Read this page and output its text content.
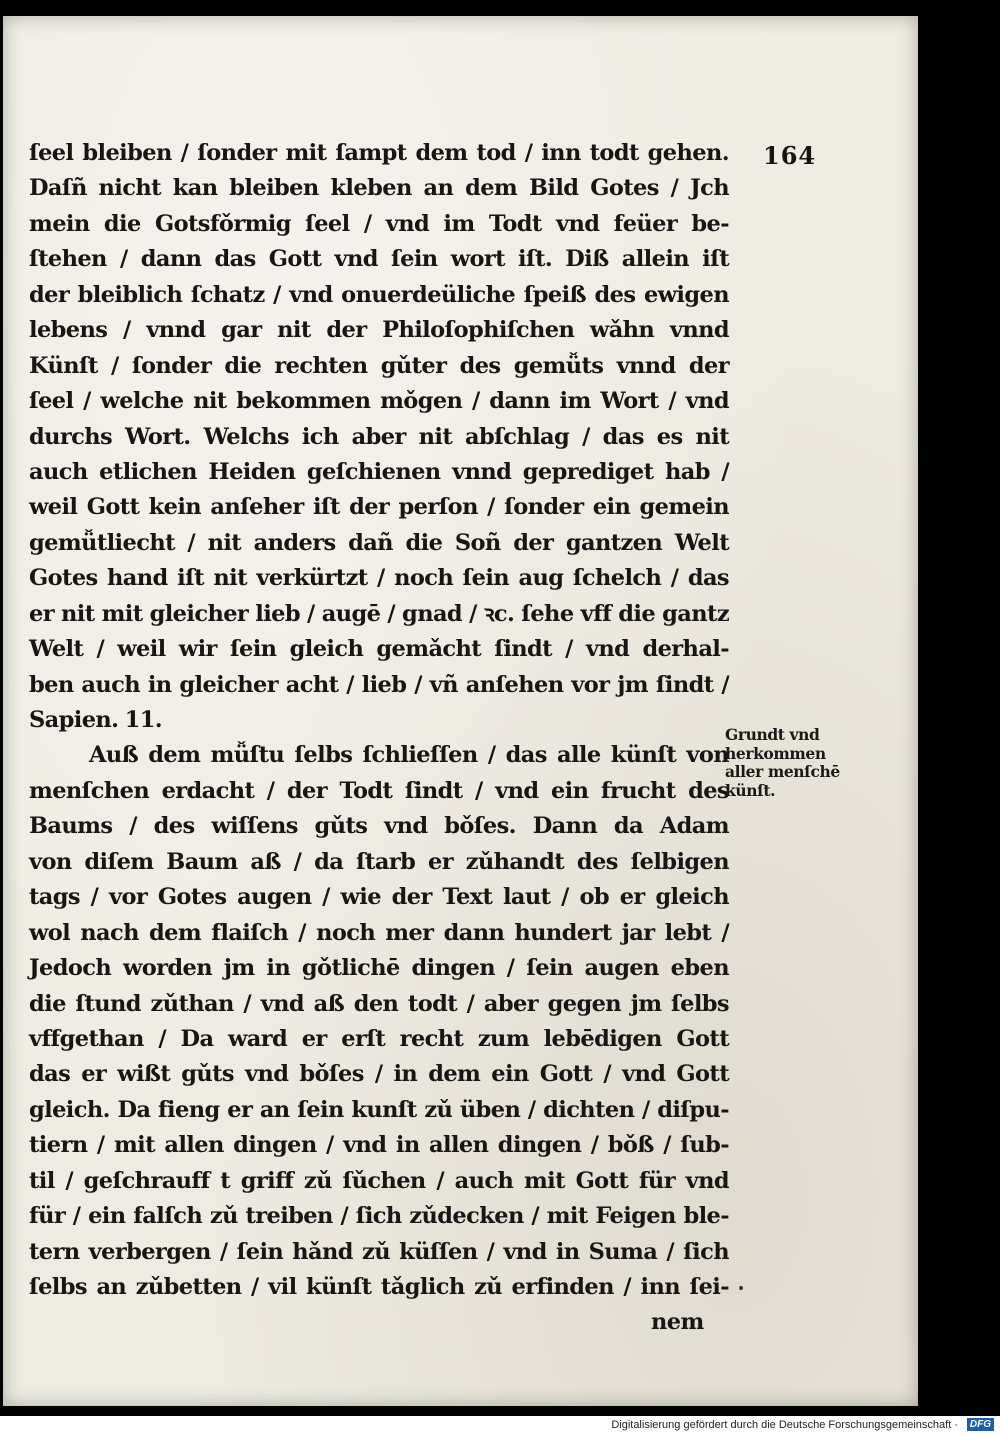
164
ſeel bleiben / ſonder mit ſampt dem tod / inn todt gehen.
Daſñ nicht kan bleiben kleben an dem Bild Gotes / Jch
mein die Gotsfǒrmig ſeel / vnd im Todt vnd feüer be-
ſtehen / dann das Gott vnd ſein wort iſt. Diß allein iſt
der bleiblich ſchatz / vnd onuerdeüliche ſpeiß des ewigen
lebens / vnnd gar nit der Philoſophiſchen wǎhn vnnd
Künſt / ſonder die rechten gǔter des gemǚts vnnd der
ſeel / welche nit bekommen mǒgen / dann im Wort / vnd
durchs Wort. Welchs ich aber nit abſchlag / das es nit
auch etlichen Heiden geſchienen vnnd geprediget hab /
weil Gott kein anſeher iſt der perſon / ſonder ein gemein
gemǚtliecht / nit anders dañ die Soñ der gantzen Welt
Gotes hand iſt nit verkürtzt / noch ſein aug ſchelch / das
er nit mit gleicher lieb / augē / gnad / ꝛc. ſehe vff die gantz
Welt / weil wir ſein gleich gemǎcht ſindt / vnd derhal-
ben auch in gleicher acht / lieb / vñ anſehen vor jm ſindt /
Sapien. 11.
Auß dem mǚſtu ſelbs ſchlieſſen / das alle künſt von
menſchen erdacht / der Todt ſindt / vnd ein frucht des
Baums / des wiſſens gǔts vnd bǒſes. Dann da Adam
von diſem Baum aß / da ſtarb er zǔhandt des ſelbigen
tags / vor Gotes augen / wie der Text laut / ob er gleich
wol nach dem flaiſch / noch mer dann hundert jar lebt /
Jedoch worden jm in gǒtlichē dingen / ſein augen eben
die ſtund zǔthan / vnd aß den todt / aber gegen jm ſelbs
vffgethan / Da ward er erſt recht zum lebēdigen Gott
das er wißt gǔts vnd bǒſes / in dem ein Gott / vnd Gott
gleich. Da fieng er an ſein kunſt zǔ üben / dichten / diſpu-
tiern / mit allen dingen / vnd in allen dingen / bǒß / ſub-
til / geſchrauff t griff zǔ ſǔchen / auch mit Gott für vnd
für / ein falſch zǔ treiben / ſich zǔdecken / mit Feigen ble-
tern verbergen / ſein hǎnd zǔ küſſen / vnd in Suma / ſich
ſelbs an zǔbetten / vil künſt tǎglich zǔ erfinden / inn ſei-
nem
Grundt vnd
herkommen
aller menſchē
künſt.
Digitalisierung gefördert durch die Deutsche Forschungsgemeinschaft ·	DFG
